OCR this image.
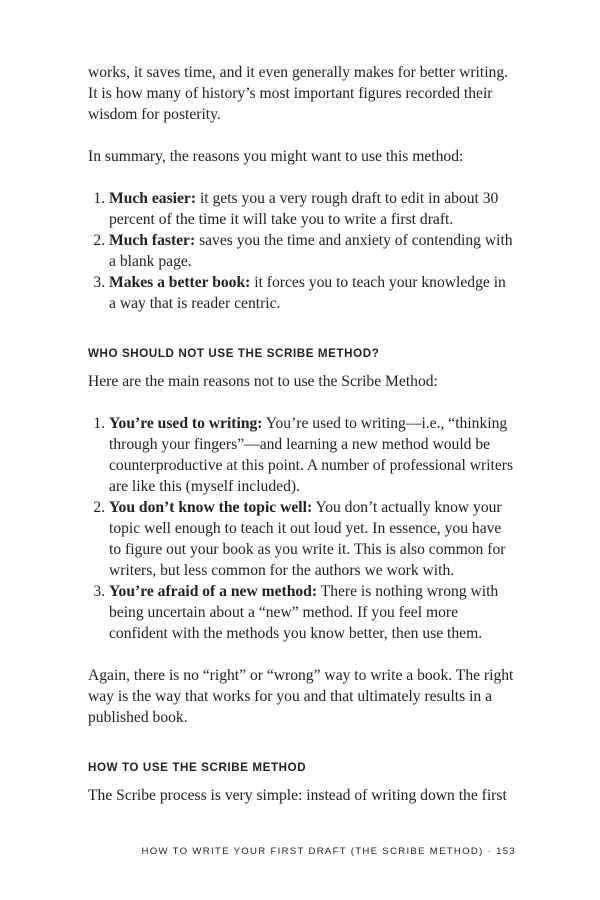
works, it saves time, and it even generally makes for better writing. It is how many of history’s most important figures recorded their wisdom for posterity.

In summary, the reasons you might want to use this method:

1. Much easier: it gets you a very rough draft to edit in about 30 percent of the time it will take you to write a first draft.
2. Much faster: saves you the time and anxiety of contending with a blank page.
3. Makes a better book: it forces you to teach your knowledge in a way that is reader centric.
WHO SHOULD NOT USE THE SCRIBE METHOD?

Here are the main reasons not to use the Scribe Method:

1. You’re used to writing: You’re used to writing—i.e., “thinking through your fingers”—and learning a new method would be counterproductive at this point. A number of professional writers are like this (myself included).
2. You don’t know the topic well: You don’t actually know your topic well enough to teach it out loud yet. In essence, you have to figure out your book as you write it. This is also common for writers, but less common for the authors we work with.
3. You’re afraid of a new method: There is nothing wrong with being uncertain about a “new” method. If you feel more confident with the methods you know better, then use them.

Again, there is no “right” or “wrong” way to write a book. The right way is the way that works for you and that ultimately results in a published book.

HOW TO USE THE SCRIBE METHOD

The Scribe process is very simple: instead of writing down the first

HOW TO WRITE YOUR FIRST DRAFT (THE SCRIBE METHOD) · 153
